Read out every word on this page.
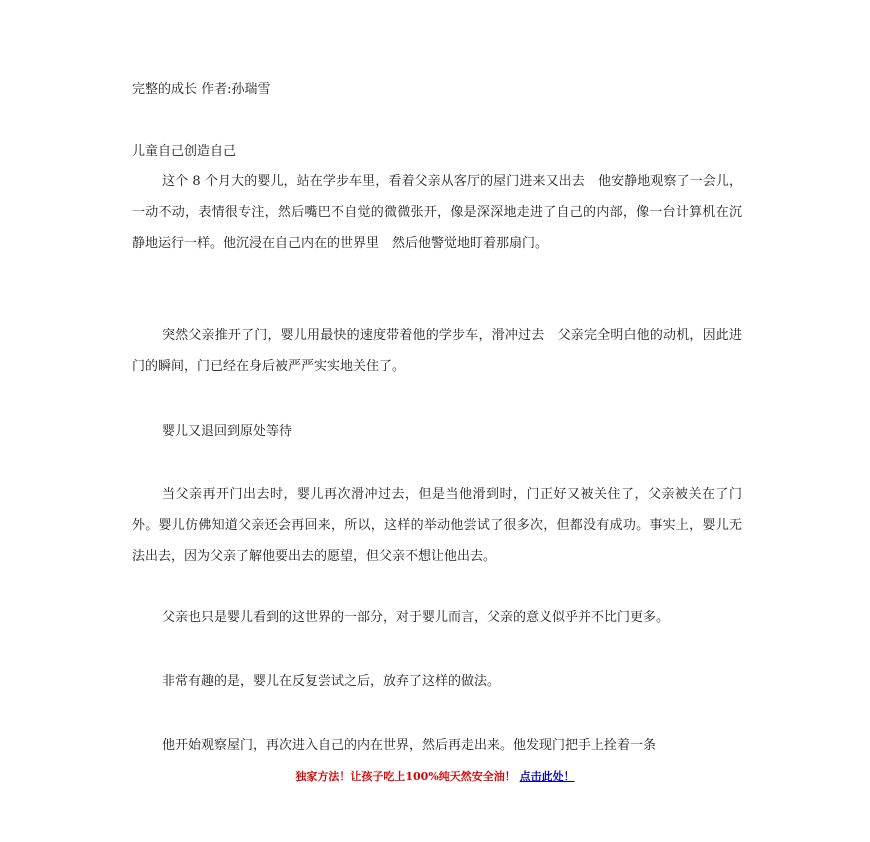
完整的成长 作者:孙瑞雪
儿童自己创造自己

这个 8 个月大的婴儿，站在学步车里，看着父亲从客厅的屋门进来又出去　他安静地观察了一会儿，一动不动，表情很专注，然后嘴巴不自觉的微微张开，像是深深地走进了自己的内部，像一台计算机在沉静地运行一样。他沉浸在自己内在的世界里　然后他警觉地盯着那扇门。

突然父亲推开了门，婴儿用最快的速度带着他的学步车，滑冲过去　父亲完全明白他的动机，因此进门的瞬间，门已经在身后被严严实实地关住了。

婴儿又退回到原处等待

当父亲再开门出去时，婴儿再次滑冲过去，但是当他滑到时，门正好又被关住了，父亲被关在了门外。婴儿仿佛知道父亲还会再回来，所以，这样的举动他尝试了很多次，但都没有成功。事实上，婴儿无法出去，因为父亲了解他要出去的愿望，但父亲不想让他出去。

父亲也只是婴儿看到的这世界的一部分，对于婴儿而言，父亲的意义似乎并不比门更多。

非常有趣的是，婴儿在反复尝试之后，放弃了这样的做法。

他开始观察屋门，再次进入自己的内在世界，然后再走出来。他发现门把手上拴着一条

独家方法！让孩子吃上100%纯天然安全油！ 点击此处！
